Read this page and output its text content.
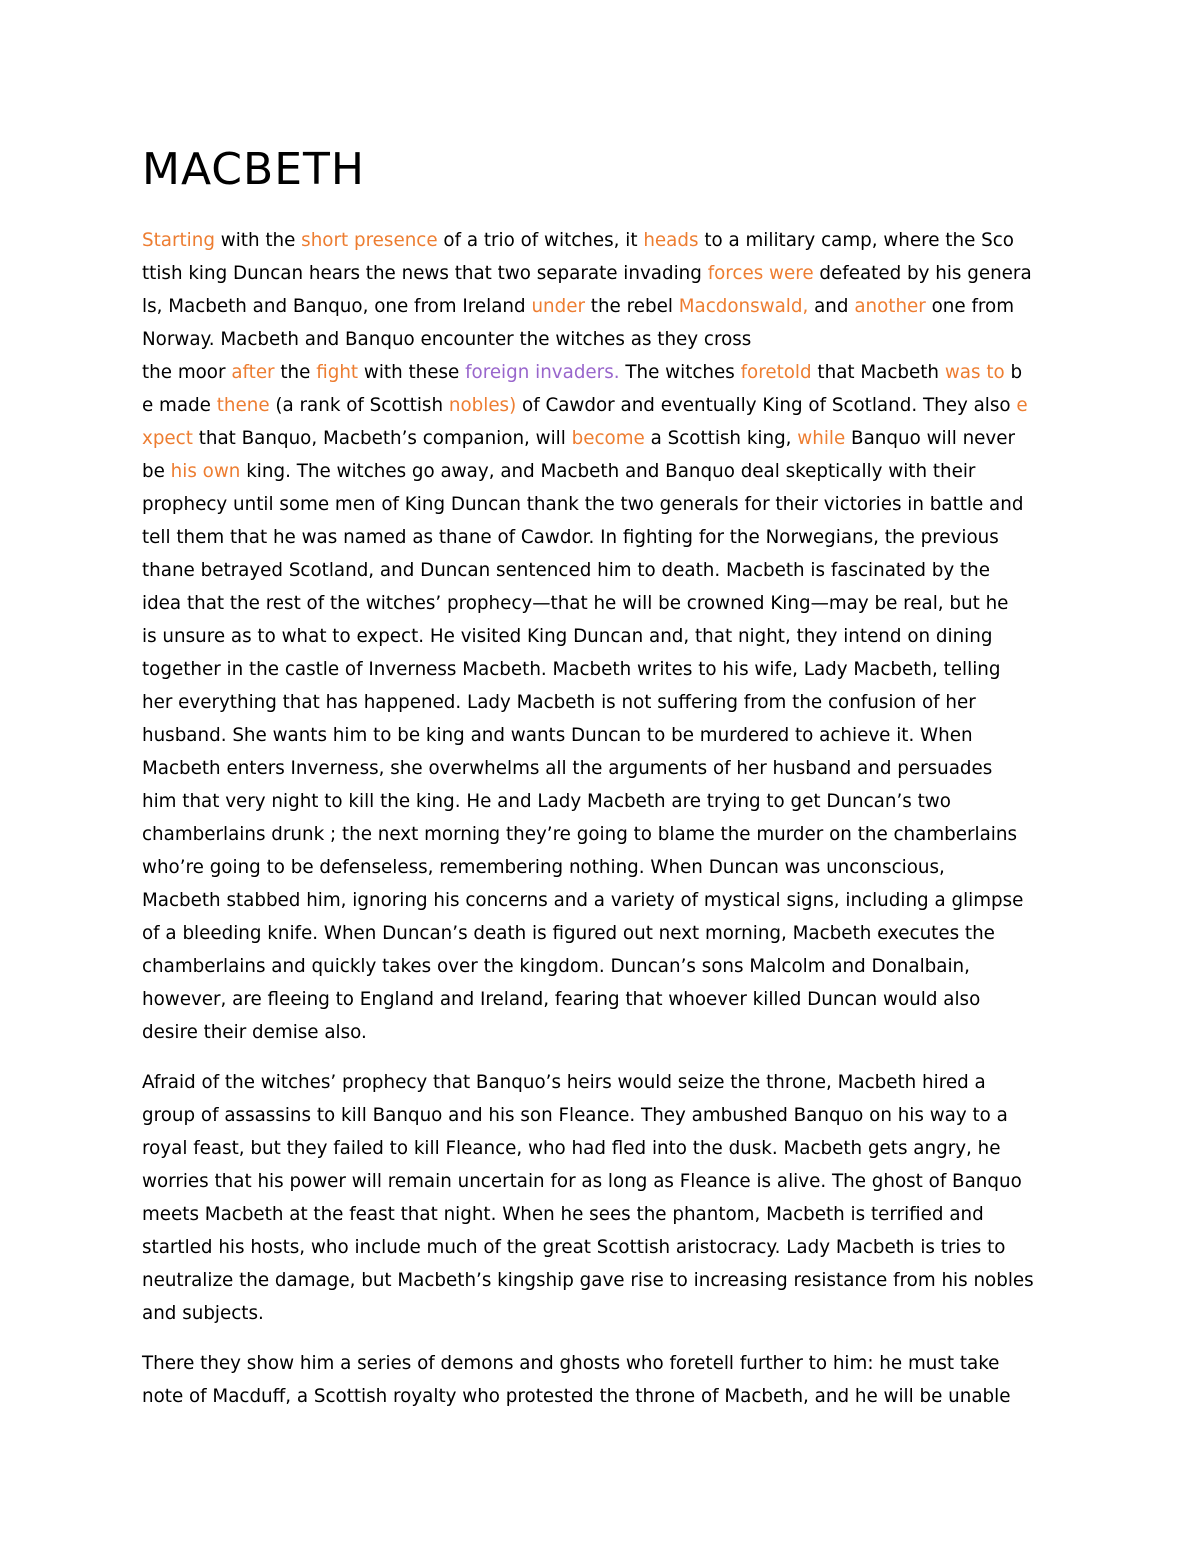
MACBETH

Starting with the short presence of a trio of witches, it heads to a military camp, where the Sco
ttish king Duncan hears the news that two separate invading forces were defeated by his genera
ls, Macbeth and Banquo, one from Ireland under the rebel Macdonswald, and another one from
Norway. Macbeth and Banquo encounter the witches as they cross
the moor after the fight with these foreign invaders. The witches foretold that Macbeth was to b
e made thene (a rank of Scottish nobles) of Cawdor and eventually King of Scotland. They also e
xpect that Banquo, Macbeth’s companion, will become a Scottish king, while Banquo will never
be his own king. The witches go away, and Macbeth and Banquo deal skeptically with their
prophecy until some men of King Duncan thank the two generals for their victories in battle and
tell them that he was named as thane of Cawdor. In fighting for the Norwegians, the previous
thane betrayed Scotland, and Duncan sentenced him to death. Macbeth is fascinated by the
idea that the rest of the witches’ prophecy—that he will be crowned King—may be real, but he
is unsure as to what to expect. He visited King Duncan and, that night, they intend on dining
together in the castle of Inverness Macbeth. Macbeth writes to his wife, Lady Macbeth, telling
her everything that has happened. Lady Macbeth is not suffering from the confusion of her
husband. She wants him to be king and wants Duncan to be murdered to achieve it. When
Macbeth enters Inverness, she overwhelms all the arguments of her husband and persuades
him that very night to kill the king. He and Lady Macbeth are trying to get Duncan’s two
chamberlains drunk ; the next morning they’re going to blame the murder on the chamberlains
who’re going to be defenseless, remembering nothing. When Duncan was unconscious,
Macbeth stabbed him, ignoring his concerns and a variety of mystical signs, including a glimpse
of a bleeding knife. When Duncan’s death is figured out next morning, Macbeth executes the
chamberlains and quickly takes over the kingdom. Duncan’s sons Malcolm and Donalbain,
however, are fleeing to England and Ireland, fearing that whoever killed Duncan would also
desire their demise also.

Afraid of the witches’ prophecy that Banquo’s heirs would seize the throne, Macbeth hired a
group of assassins to kill Banquo and his son Fleance. They ambushed Banquo on his way to a
royal feast, but they failed to kill Fleance, who had fled into the dusk. Macbeth gets angry, he
worries that his power will remain uncertain for as long as Fleance is alive. The ghost of Banquo
meets Macbeth at the feast that night. When he sees the phantom, Macbeth is terrified and
startled his hosts, who include much of the great Scottish aristocracy. Lady Macbeth is tries to
neutralize the damage, but Macbeth’s kingship gave rise to increasing resistance from his nobles
and subjects.

There they show him a series of demons and ghosts who foretell further to him: he must take
note of Macduff, a Scottish royalty who protested the throne of Macbeth, and he will be unable
